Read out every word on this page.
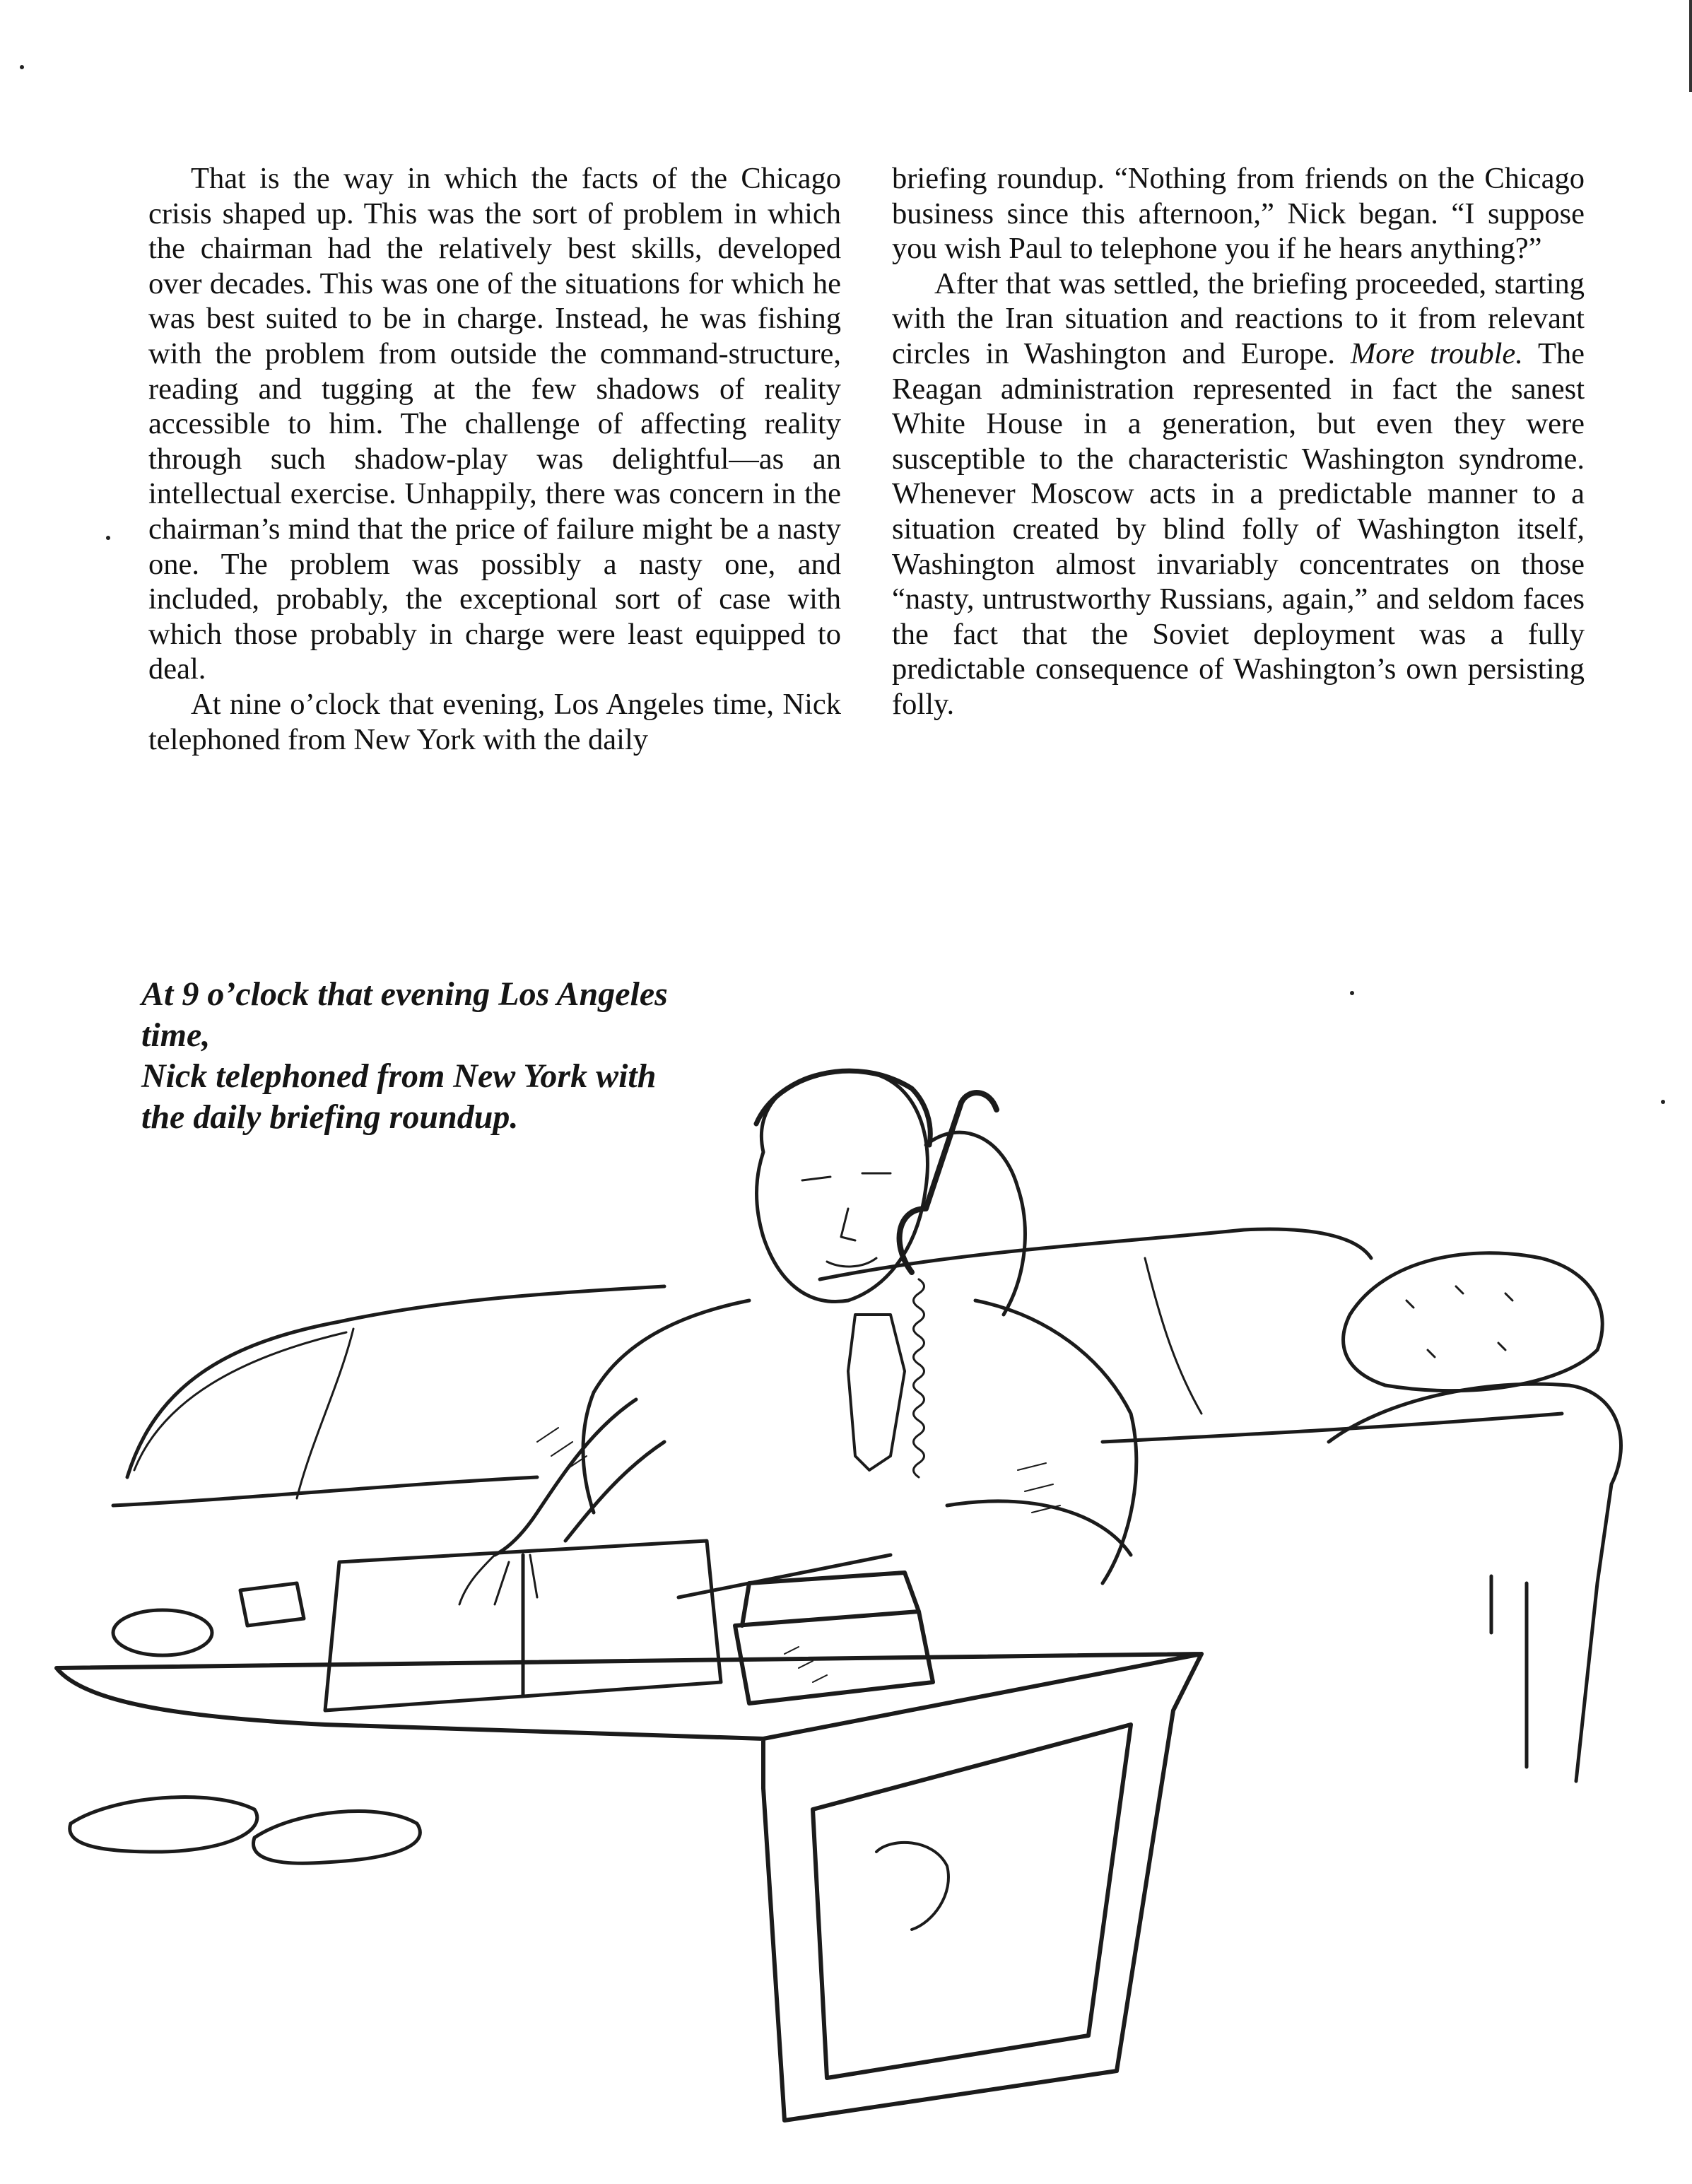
That is the way in which the facts of the Chicago crisis shaped up. This was the sort of problem in which the chairman had the relatively best skills, developed over decades. This was one of the situations for which he was best suited to be in charge. Instead, he was fishing with the problem from outside the command-structure, reading and tugging at the few shadows of reality accessible to him. The challenge of affecting reality through such shadow-play was delightful—as an intellectual exercise. Unhappily, there was concern in the chairman’s mind that the price of failure might be a nasty one. The problem was possibly a nasty one, and included, probably, the exceptional sort of case with which those probably in charge were least equipped to deal.

At nine o’clock that evening, Los Angeles time, Nick telephoned from New York with the daily

briefing roundup. “Nothing from friends on the Chicago business since this afternoon,” Nick began. “I suppose you wish Paul to telephone you if he hears anything?”

After that was settled, the briefing proceeded, starting with the Iran situation and reactions to it from relevant circles in Washington and Europe. More trouble. The Reagan administration represented in fact the sanest White House in a generation, but even they were susceptible to the characteristic Washington syndrome. Whenever Moscow acts in a predictable manner to a situation created by blind folly of Washington itself, Washington almost invariably concentrates on those “nasty, untrustworthy Russians, again,” and seldom faces the fact that the Soviet deployment was a fully predictable consequence of Washington’s own persisting folly.

At 9 o’clock that evening Los Angeles time,
Nick telephoned from New York with
the daily briefing roundup.
